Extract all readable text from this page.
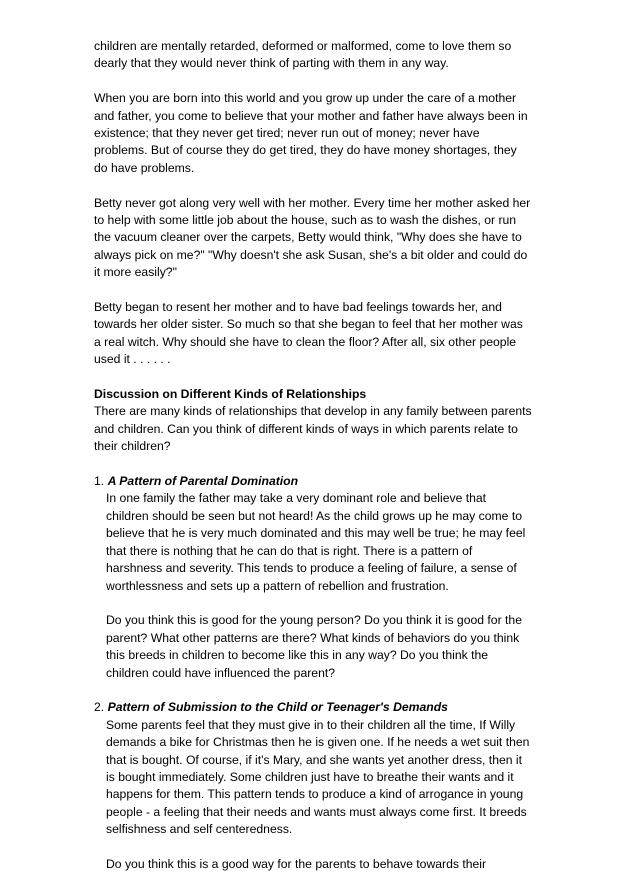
children are mentally retarded, deformed or malformed, come to love them so
dearly that they would never think of parting with them in any way.

When you are born into this world and you grow up under the care of a mother
and father, you come to believe that your mother and father have always been in
existence; that they never get tired; never run out of money; never have
problems. But of course they do get tired, they do have money shortages, they
do have problems.

Betty never got along very well with her mother. Every time her mother asked her
to help with some little job about the house, such as to wash the dishes, or run
the vacuum cleaner over the carpets, Betty would think, "Why does she have to
always pick on me?" "Why doesn't she ask Susan, she's a bit older and could do
it more easily?"

Betty began to resent her mother and to have bad feelings towards her, and
towards her older sister. So much so that she began to feel that her mother was
a real witch. Why should she have to clean the floor? After all, six other people
used it . . . . . .

Discussion on Different Kinds of Relationships
There are many kinds of relationships that develop in any family between parents
and children. Can you think of different kinds of ways in which parents relate to
their children?

1. A Pattern of Parental Domination

In one family the father may take a very dominant role and believe that
children should be seen but not heard! As the child grows up he may come to
believe that he is very much dominated and this may well be true; he may feel
that there is nothing that he can do that is right. There is a pattern of
harshness and severity. This tends to produce a feeling of failure, a sense of
worthlessness and sets up a pattern of rebellion and frustration.

Do you think this is good for the young person? Do you think it is good for the
parent? What other patterns are there? What kinds of behaviors do you think
this breeds in children to become like this in any way? Do you think the
children could have influenced the parent?

2. Pattern of Submission to the Child or Teenager's Demands

Some parents feel that they must give in to their children all the time, If Willy
demands a bike for Christmas then he is given one. If he needs a wet suit then
that is bought. Of course, if it's Mary, and she wants yet another dress, then it
is bought immediately. Some children just have to breathe their wants and it
happens for them. This pattern tends to produce a kind of arrogance in young
people - a feeling that their needs and wants must always come first. It breeds
selfishness and self centeredness.

Do you think this is a good way for the parents to behave towards their
